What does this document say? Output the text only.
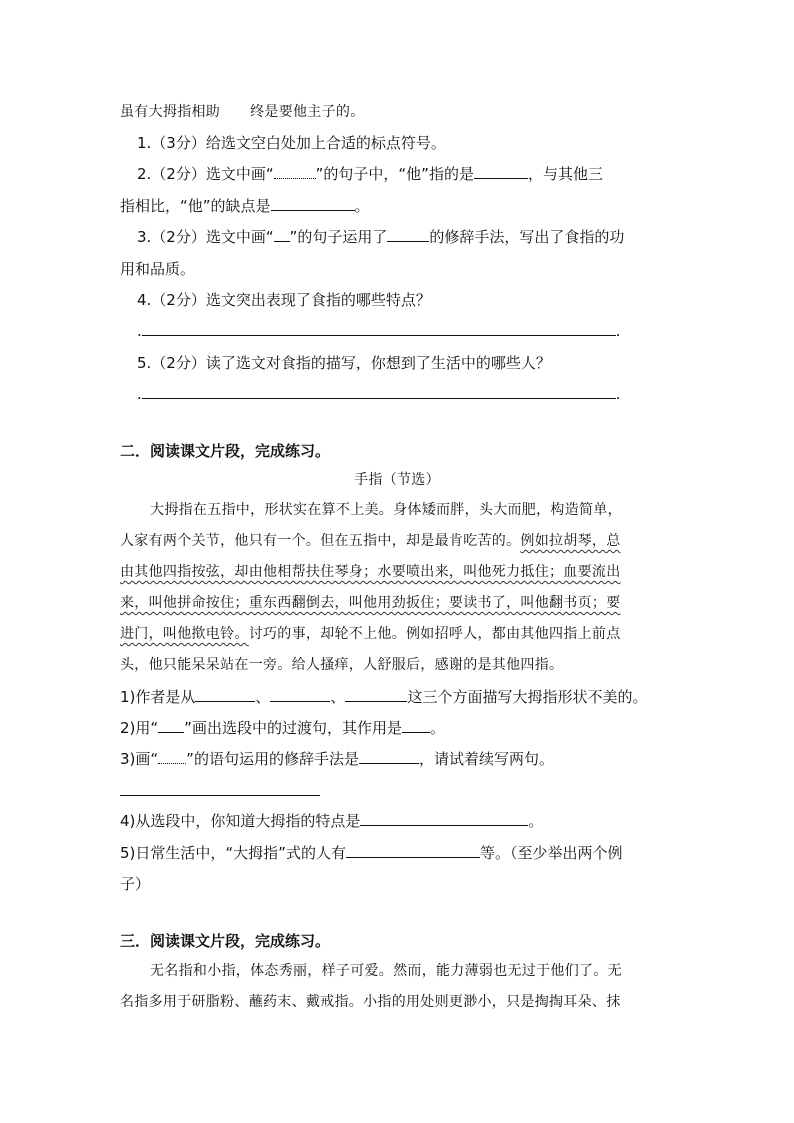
虽有大拇指相助 终是要他主子的。
1.（3分）给选文空白处加上合适的标点符号。
2.（2分）选文中画“	”的句子中，“他”指的是	，与其他三
指相比，“他”的缺点是	。
3.（2分）选文中画“ ”的句子运用了	的修辞手法，写出了食指的功
用和品质。
4.（2分）选文突出表现了食指的哪些特点？
.	.
5.（2分）读了选文对食指的描写，你想到了生活中的哪些人？
.	.
二．阅读课文片段，完成练习。
手指（节选）
大拇指在五指中，形状实在算不上美。身体矮而胖，头大而肥，构造简单，
人家有两个关节，他只有一个。但在五指中，却是最肯吃苦的。例如拉胡琴，总
由其他四指按弦，却由他相帮扶住琴身；水要喷出来，叫他死力抵住；血要流出
来，叫他拼命按住；重东西翻倒去，叫他用劲扳住；要读书了，叫他翻书页；要
进门，叫他揿电铃。讨巧的事，却轮不上他。例如招呼人，都由其他四指上前点
头，他只能呆呆站在一旁。给人搔痒，人舒服后，感谢的是其他四指。
1)作者是从	、	、	这三个方面描写大拇指形状不美的。
2)用“ ”画出选段中的过渡句，其作用是 。
3)画“ ”的语句运用的修辞手法是	，请试着续写两句。
4)从选段中，你知道大拇指的特点是	。
5)日常生活中，“大拇指”式的人有	等。（至少举出两个例
子）
三．阅读课文片段，完成练习。
无名指和小指，体态秀丽，样子可爱。然而，能力薄弱也无过于他们了。无
名指多用于研脂粉、蘸药末、戴戒指。小指的用处则更渺小，只是掏掏耳朵、抹
